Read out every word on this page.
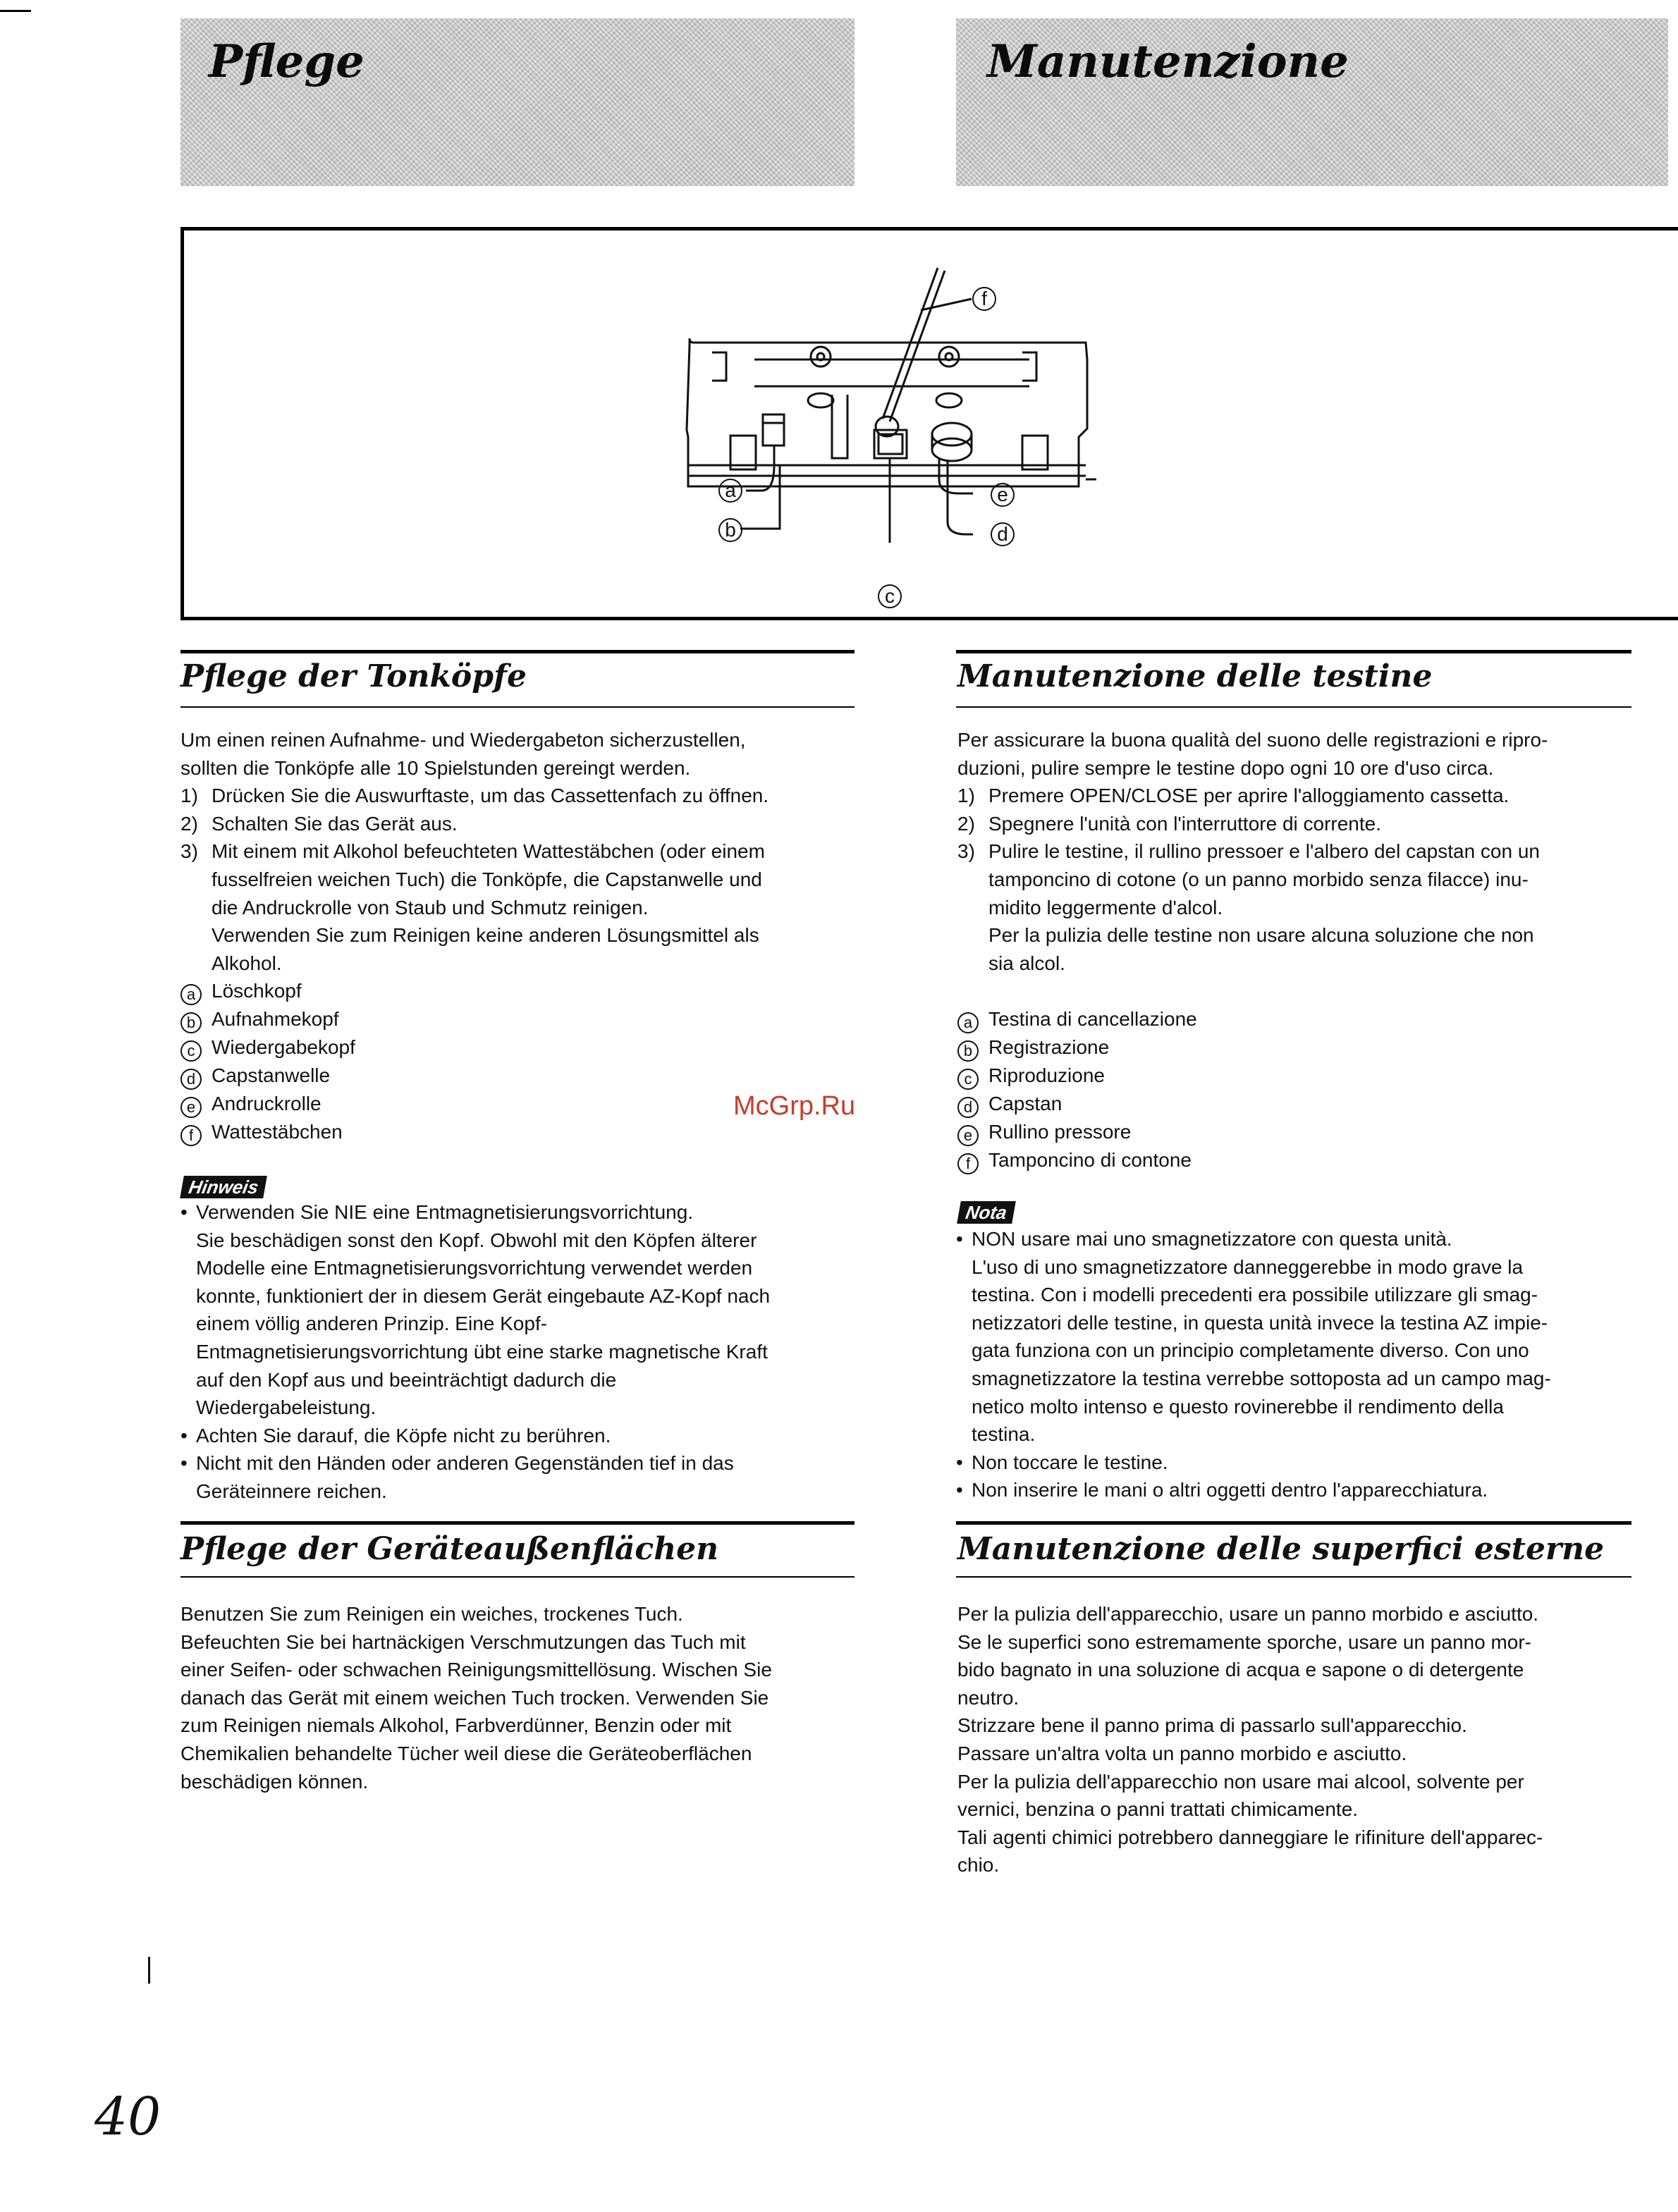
Pflege	Manutenzione
f
a
b
c
e
d
Pflege der Tonköpfe
Um einen reinen Aufnahme- und Wiedergabeton sicherzustellen,
sollten die Tonköpfe alle 10 Spielstunden gereingt werden.
1) Drücken Sie die Auswurftaste, um das Cassettenfach zu öffnen.
2) Schalten Sie das Gerät aus.
3) Mit einem mit Alkohol befeuchteten Wattestäbchen (oder einem
fusselfreien weichen Tuch) die Tonköpfe, die Capstanwelle und
die Andruckrolle von Staub und Schmutz reinigen.
Verwenden Sie zum Reinigen keine anderen Lösungsmittel als
Alkohol.
a Löschkopf
b Aufnahmekopf
c Wiedergabekopf
d Capstanwelle
e Andruckrolle
f Wattestäbchen
Hinweis
• Verwenden Sie NIE eine Entmagnetisierungsvorrichtung.
Sie beschädigen sonst den Kopf. Obwohl mit den Köpfen älterer
Modelle eine Entmagnetisierungsvorrichtung verwendet werden
konnte, funktioniert der in diesem Gerät eingebaute AZ-Kopf nach
einem völlig anderen Prinzip. Eine Kopf-
Entmagnetisierungsvorrichtung übt eine starke magnetische Kraft
auf den Kopf aus und beeinträchtigt dadurch die
Wiedergabeleistung.
• Achten Sie darauf, die Köpfe nicht zu berühren.
• Nicht mit den Händen oder anderen Gegenständen tief in das
Geräteinnere reichen.
Pflege der Geräteaußenflächen
Benutzen Sie zum Reinigen ein weiches, trockenes Tuch.
Befeuchten Sie bei hartnäckigen Verschmutzungen das Tuch mit
einer Seifen- oder schwachen Reinigungsmittellösung. Wischen Sie
danach das Gerät mit einem weichen Tuch trocken. Verwenden Sie
zum Reinigen niemals Alkohol, Farbverdünner, Benzin oder mit
Chemikalien behandelte Tücher weil diese die Geräteoberflächen
beschädigen können.
Manutenzione delle testine
Per assicurare la buona qualità del suono delle registrazioni e ripro-
duzioni, pulire sempre le testine dopo ogni 10 ore d'uso circa.
1) Premere OPEN/CLOSE per aprire l'alloggiamento cassetta.
2) Spegnere l'unità con l'interruttore di corrente.
3) Pulire le testine, il rullino pressoer e l'albero del capstan con un
tamponcino di cotone (o un panno morbido senza filacce) inu-
midito leggermente d'alcol.
Per la pulizia delle testine non usare alcuna soluzione che non
sia alcol.
a Testina di cancellazione
b Registrazione
c Riproduzione
d Capstan
e Rullino pressore
f Tamponcino di contone
Nota
• NON usare mai uno smagnetizzatore con questa unità.
L'uso di uno smagnetizzatore danneggerebbe in modo grave la
testina. Con i modelli precedenti era possibile utilizzare gli smag-
netizzatori delle testine, in questa unità invece la testina AZ impie-
gata funziona con un principio completamente diverso. Con uno
smagnetizzatore la testina verrebbe sottoposta ad un campo mag-
netico molto intenso e questo rovinerebbe il rendimento della
testina.
• Non toccare le testine.
• Non inserire le mani o altri oggetti dentro l'apparecchiatura.
Manutenzione delle superfici esterne
Per la pulizia dell'apparecchio, usare un panno morbido e asciutto.
Se le superfici sono estremamente sporche, usare un panno mor-
bido bagnato in una soluzione di acqua e sapone o di detergente
neutro.
Strizzare bene il panno prima di passarlo sull'apparecchio.
Passare un'altra volta un panno morbido e asciutto.
Per la pulizia dell'apparecchio non usare mai alcool, solvente per
vernici, benzina o panni trattati chimicamente.
Tali agenti chimici potrebbero danneggiare le rifiniture dell'apparec-
chio.
McGrp.Ru
40
